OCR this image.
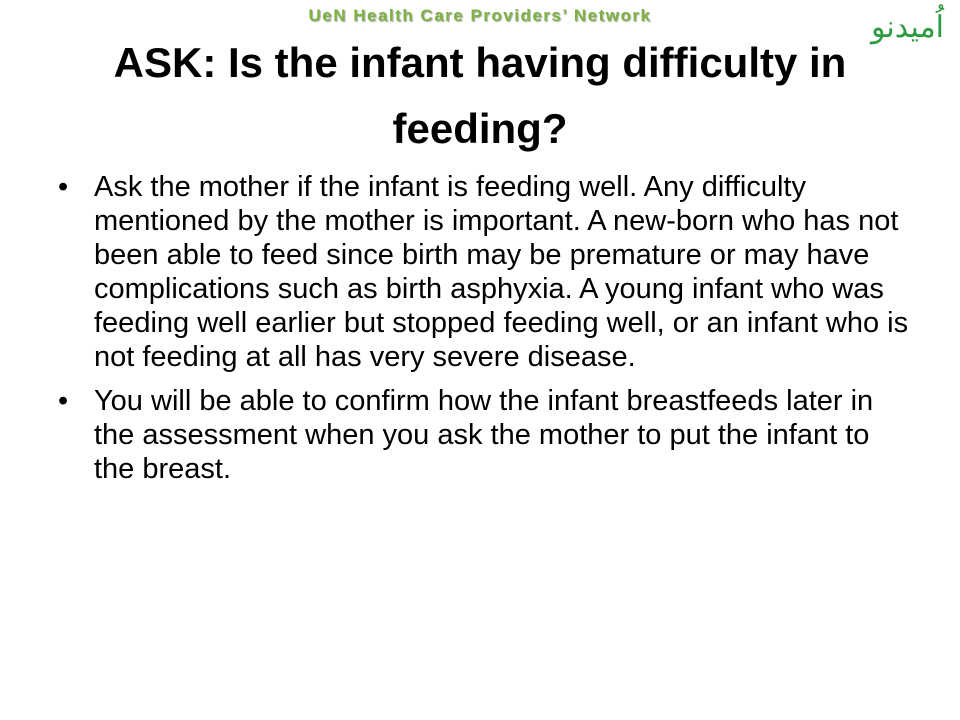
UeN Health Care Providers’ Network	اُمیدنو
ASK: Is the infant having difficulty in feeding?
• Ask the mother if the infant is feeding well. Any difficulty mentioned by the mother is important. A new-born who has not been able to feed since birth may be premature or may have complications such as birth asphyxia. A young infant who was feeding well earlier but stopped feeding well, or an infant who is not feeding at all has very severe disease.
• You will be able to confirm how the infant breastfeeds later in the assessment when you ask the mother to put the infant to the breast.
